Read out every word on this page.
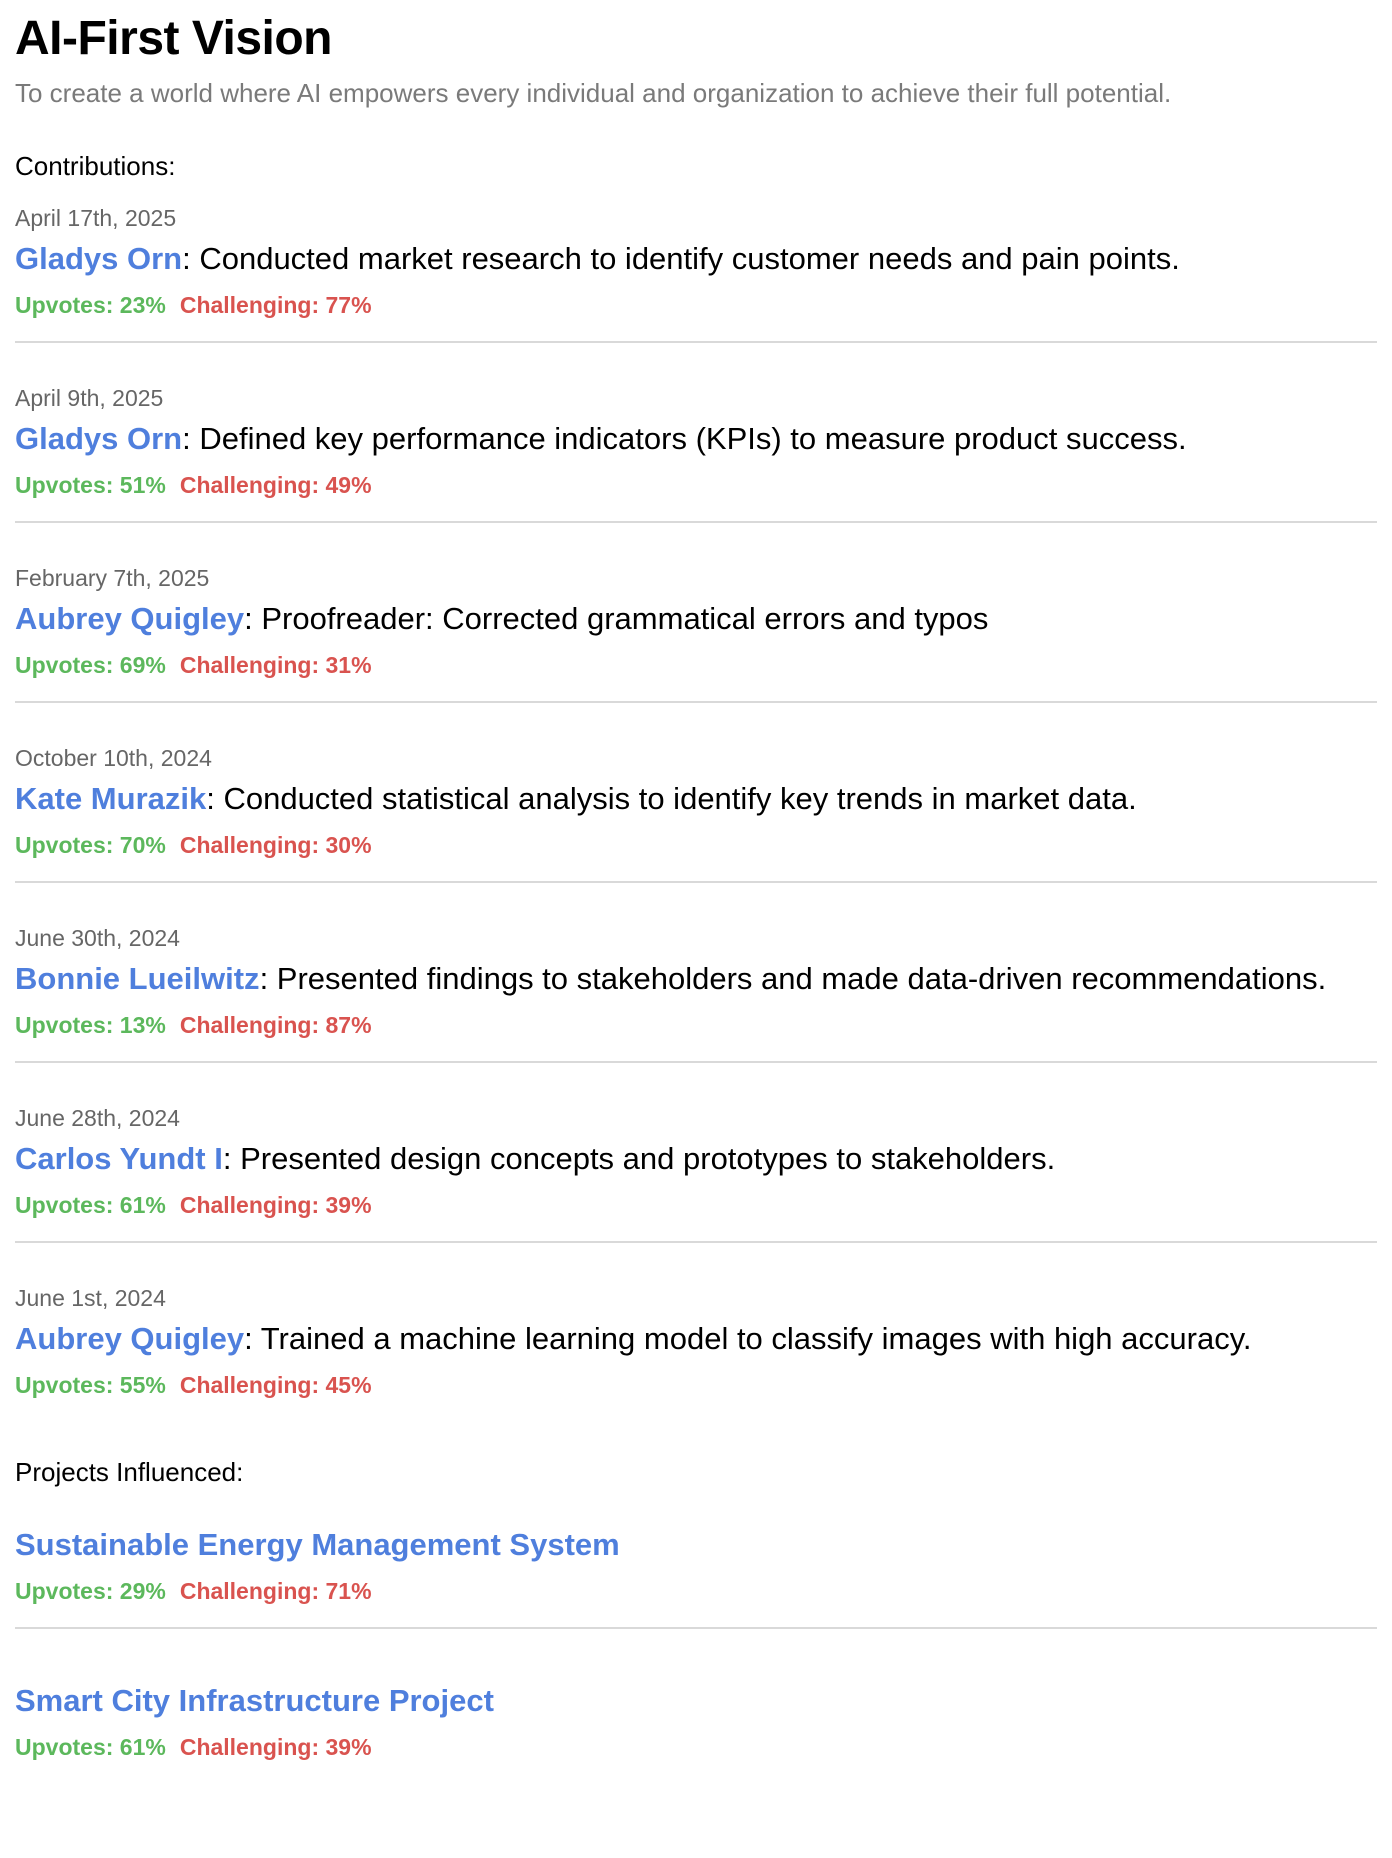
AI-First Vision

To create a world where AI empowers every individual and organization to achieve their full potential.

Contributions:
April 17th, 2025
Gladys Orn: Conducted market research to identify customer needs and pain points.
Upvotes: 23% Challenging: 77%
April 9th, 2025
Gladys Orn: Defined key performance indicators (KPIs) to measure product success.
Upvotes: 51% Challenging: 49%
February 7th, 2025
Aubrey Quigley: Proofreader: Corrected grammatical errors and typos
Upvotes: 69% Challenging: 31%
October 10th, 2024
Kate Murazik: Conducted statistical analysis to identify key trends in market data.
Upvotes: 70% Challenging: 30%
June 30th, 2024
Bonnie Lueilwitz: Presented findings to stakeholders and made data-driven recommendations.
Upvotes: 13% Challenging: 87%
June 28th, 2024
Carlos Yundt I: Presented design concepts and prototypes to stakeholders.
Upvotes: 61% Challenging: 39%
June 1st, 2024
Aubrey Quigley: Trained a machine learning model to classify images with high accuracy.
Upvotes: 55% Challenging: 45%
Projects Influenced:
Sustainable Energy Management System
Upvotes: 29% Challenging: 71%
Smart City Infrastructure Project
Upvotes: 61% Challenging: 39%
